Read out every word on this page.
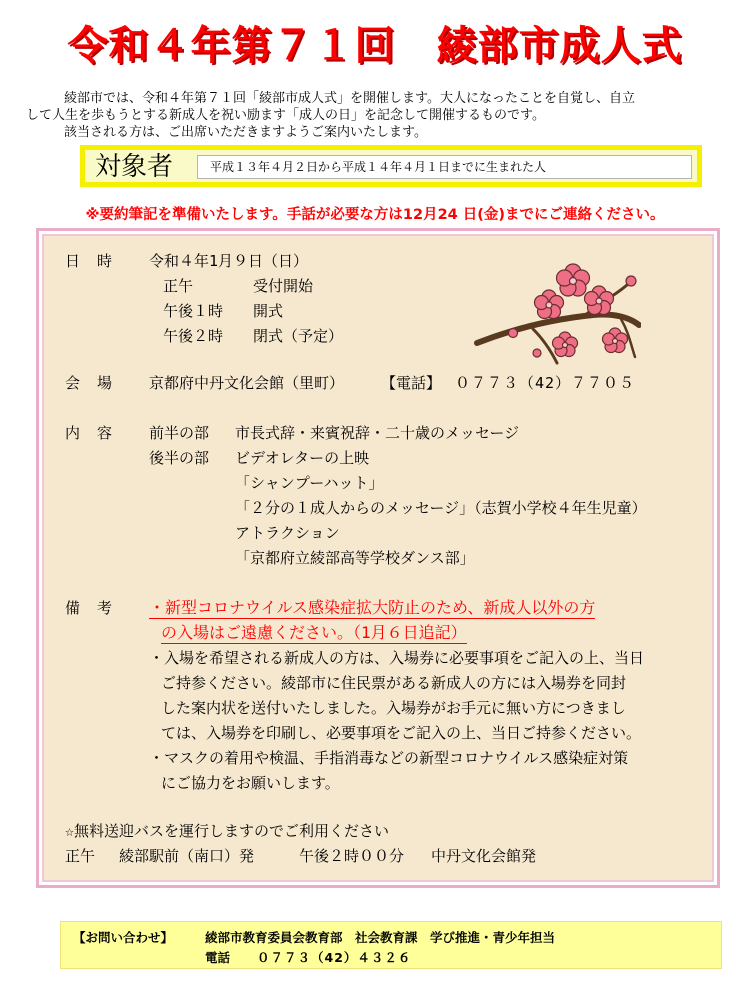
令和４年第７１回　綾部市成人式

綾部市では、令和４年第７１回「綾部市成人式」を開催します。大人になったことを自覚し、自立

して人生を歩もうとする新成人を祝い励ます「成人の日」を記念して開催するものです。

該当される方は、ご出席いただきますようご案内いたします。

対象者	平成１３年４月２日から平成１４年４月１日までに生まれた人
※要約筆記を準備いたします。手話が必要な方は12月24 日(金)までにご連絡ください。
日 時 令和４年1月９日（日）
正午	受付開始
午後１時 開式
午後２時 閉式（予定）
会 場 京都府中丹文化会館（里町） 【電話】 ０７７３（42）７７０５
内 容 前半の部 市長式辞・来賓祝辞・二十歳のメッセージ
後半の部 ビデオレターの上映
「シャンプーハット」
「２分の１成人からのメッセージ」（志賀小学校４年生児童）
アトラクション
「京都府立綾部高等学校ダンス部」
備 考 ・新型コロナウイルス感染症拡大防止のため、新成人以外の方
の入場はご遠慮ください。（1月６日追記）
・入場を希望される新成人の方は、入場券に必要事項をご記入の上、当日
ご持参ください。綾部市に住民票がある新成人の方には入場券を同封
した案内状を送付いたしました。入場券がお手元に無い方につきまし
ては、入場券を印刷し、必要事項をご記入の上、当日ご持参ください。
・マスクの着用や検温、手指消毒などの新型コロナウイルス感染症対策
にご協力をお願いします。
☆無料送迎バスを運行しますのでご利用ください
正午 綾部駅前（南口）発	午後２時００分 中丹文化会館発
【お問い合わせ】	綾部市教育委員会教育部　社会教育課　学び推進・青少年担当
電話 ０７７３（42）４３２６
